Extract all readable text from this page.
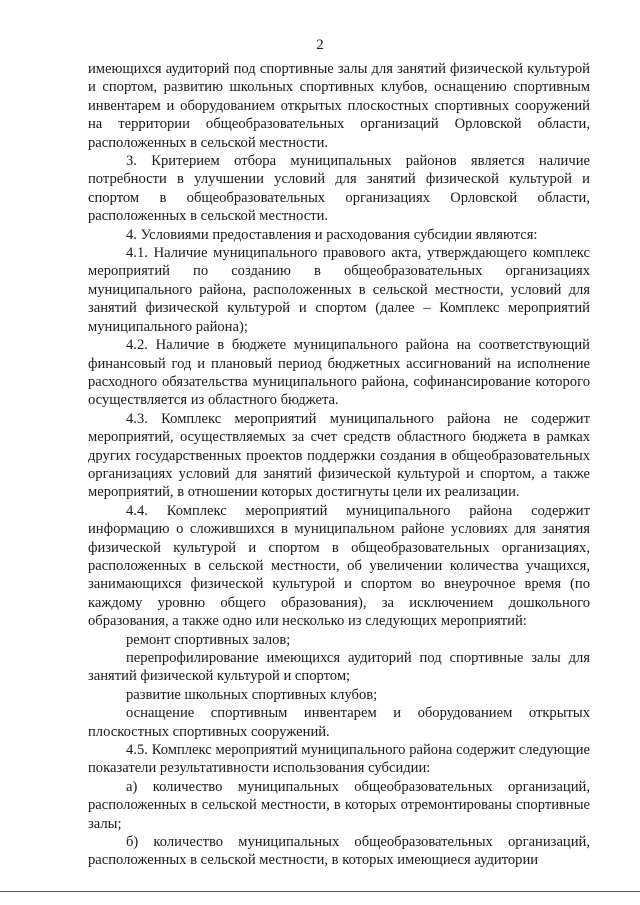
2

имеющихся аудиторий под спортивные залы для занятий физической культурой и спортом, развитию школьных спортивных клубов, оснащению спортивным инвентарем и оборудованием открытых плоскостных спортивных сооружений на территории общеобразовательных организаций Орловской области, расположенных в сельской местности.

3. Критерием отбора муниципальных районов является наличие потребности в улучшении условий для занятий физической культурой и спортом в общеобразовательных организациях Орловской области, расположенных в сельской местности.

4. Условиями предоставления и расходования субсидии являются:

4.1. Наличие муниципального правового акта, утверждающего комплекс мероприятий по созданию в общеобразовательных организациях муниципального района, расположенных в сельской местности, условий для занятий физической культурой и спортом (далее – Комплекс мероприятий муниципального района);

4.2. Наличие в бюджете муниципального района на соответствующий финансовый год и плановый период бюджетных ассигнований на исполнение расходного обязательства муниципального района, софинансирование которого осуществляется из областного бюджета.

4.3. Комплекс мероприятий муниципального района не содержит мероприятий, осуществляемых за счет средств областного бюджета в рамках других государственных проектов поддержки создания в общеобразовательных организациях условий для занятий физической культурой и спортом, а также мероприятий, в отношении которых достигнуты цели их реализации.

4.4. Комплекс мероприятий муниципального района содержит информацию о сложившихся в муниципальном районе условиях для занятия физической культурой и спортом в общеобразовательных организациях, расположенных в сельской местности, об увеличении количества учащихся, занимающихся физической культурой и спортом во внеурочное время (по каждому уровню общего образования), за исключением дошкольного образования, а также одно или несколько из следующих мероприятий:

ремонт спортивных залов;

перепрофилирование имеющихся аудиторий под спортивные залы для занятий физической культурой и спортом;

развитие школьных спортивных клубов;

оснащение спортивным инвентарем и оборудованием открытых плоскостных спортивных сооружений.

4.5. Комплекс мероприятий муниципального района содержит следующие показатели результативности использования субсидии:

а) количество муниципальных общеобразовательных организаций, расположенных в сельской местности, в которых отремонтированы спортивные залы;

б) количество муниципальных общеобразовательных организаций, расположенных в сельской местности, в которых имеющиеся аудитории
